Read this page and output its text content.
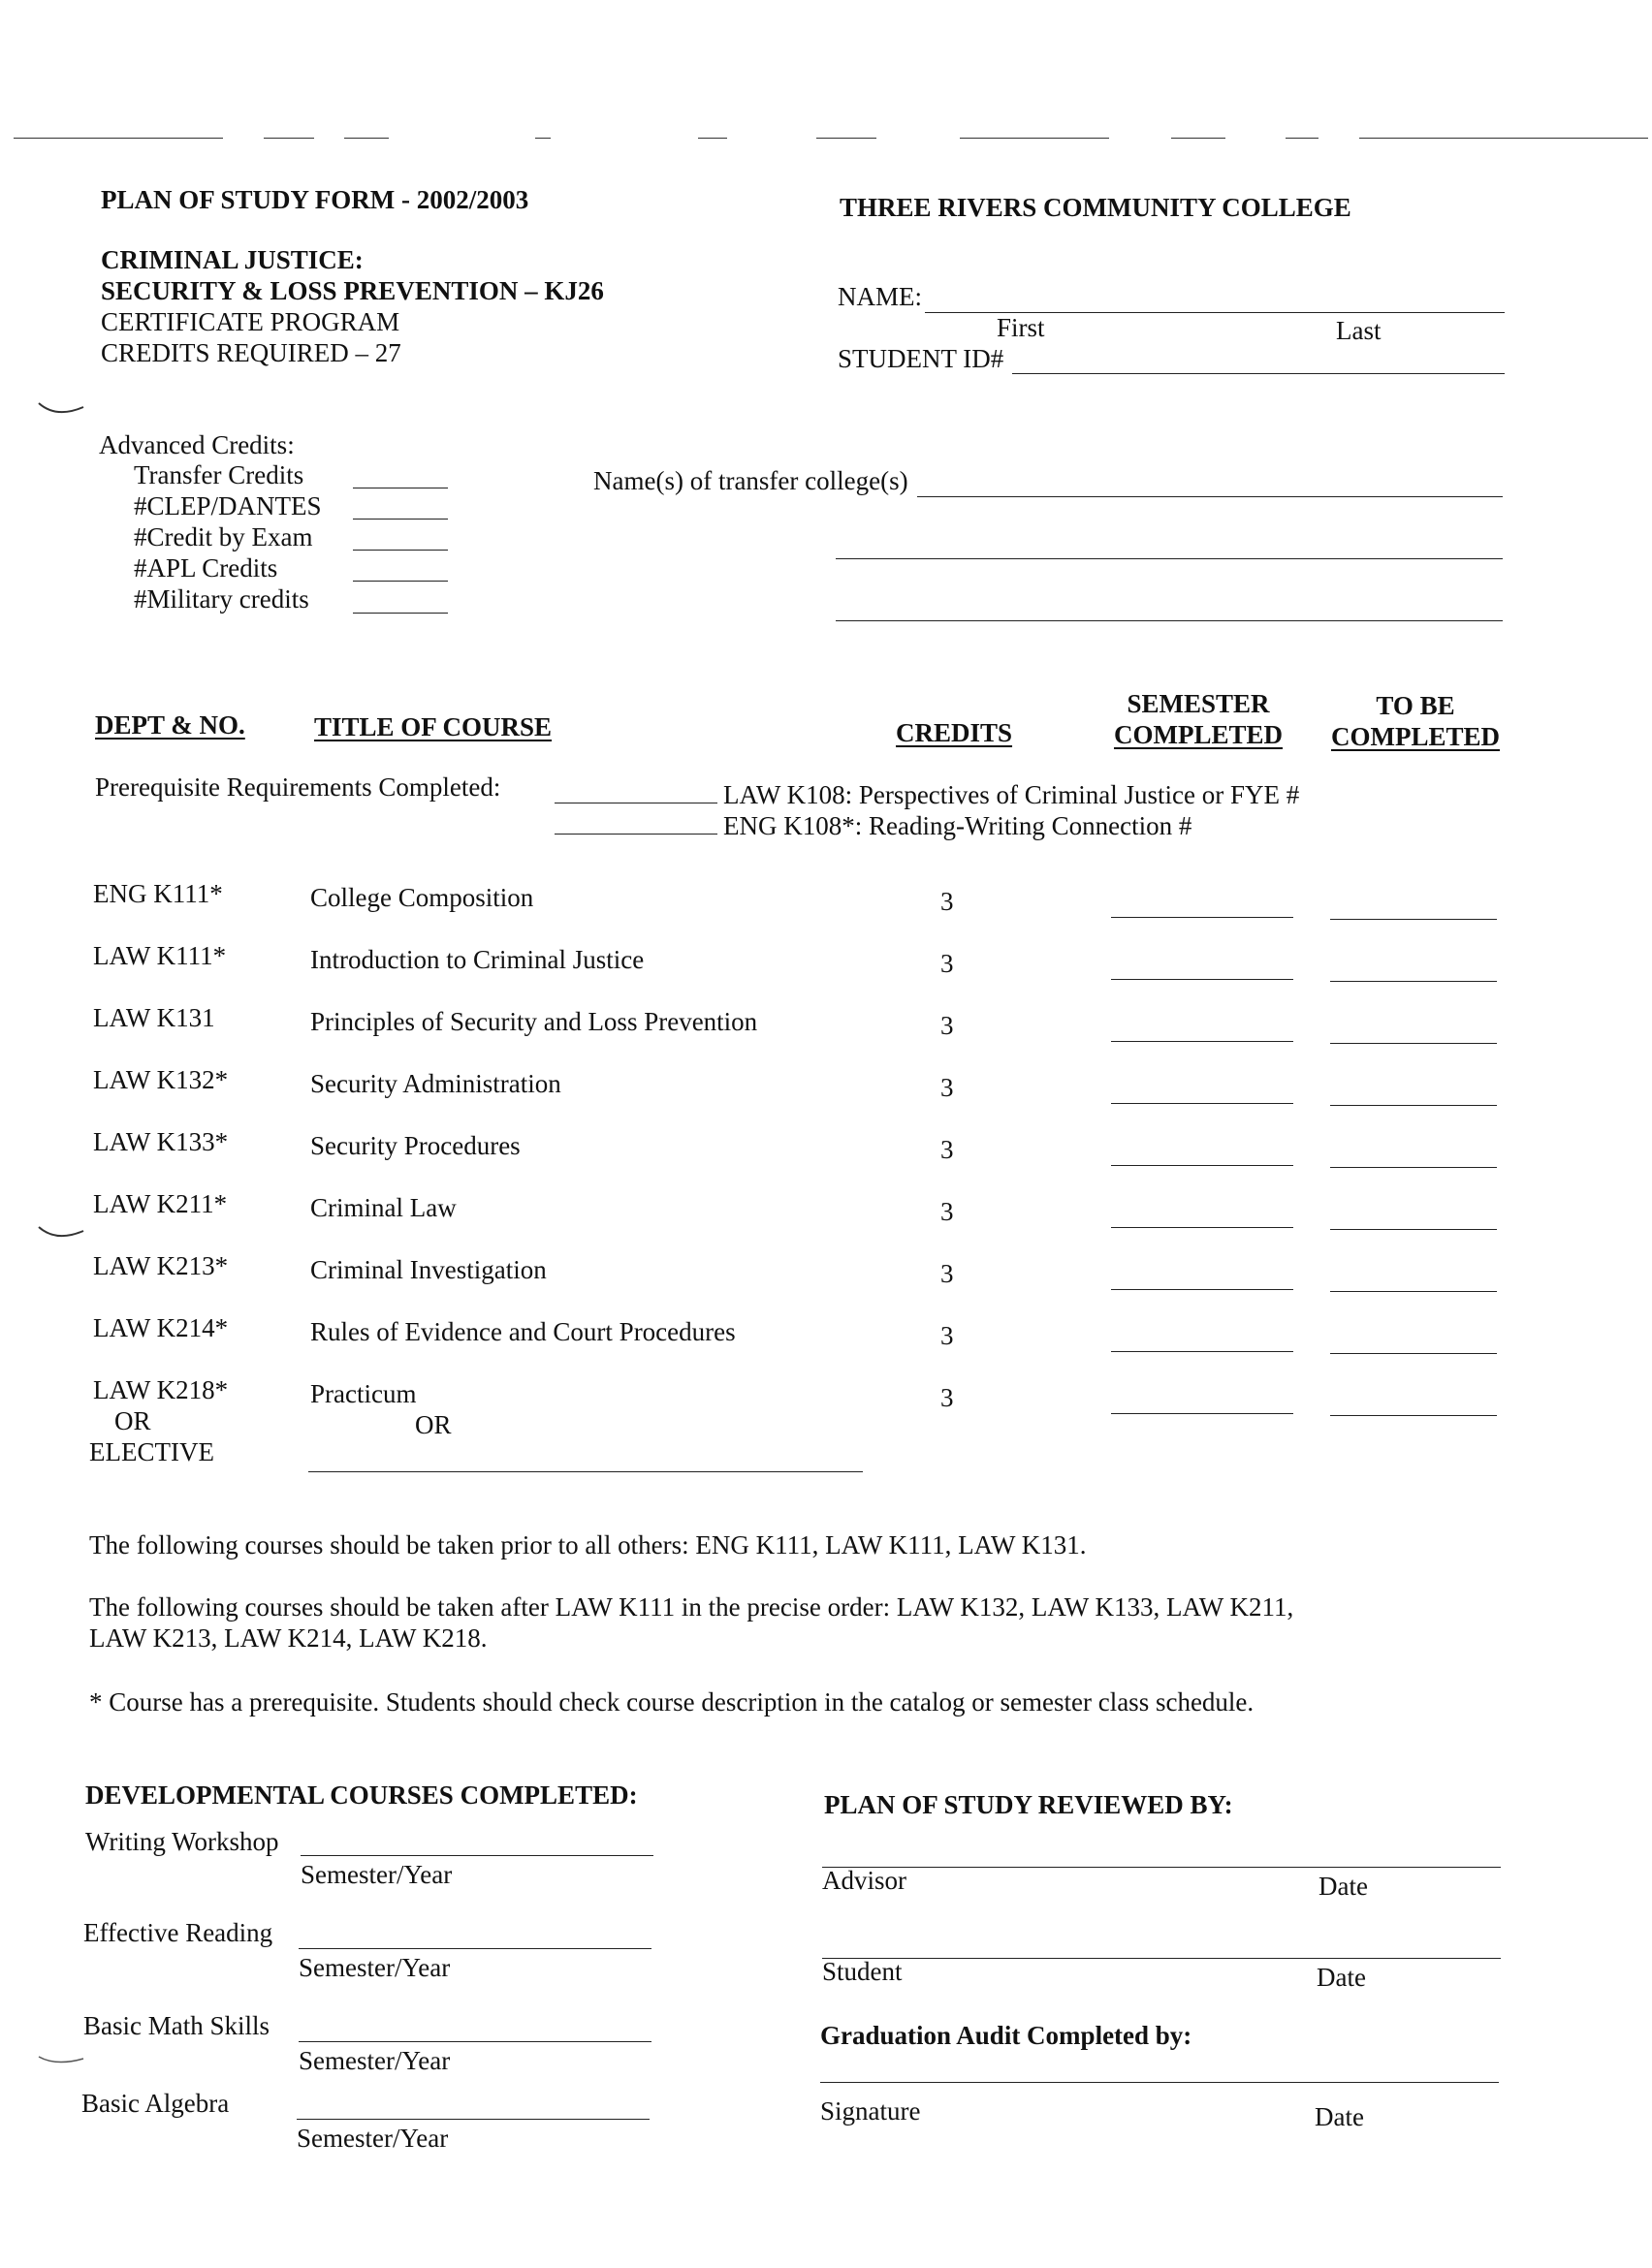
PLAN OF STUDY FORM - 2002/2003	THREE RIVERS COMMUNITY COLLEGE
CRIMINAL JUSTICE:
SECURITY & LOSS PREVENTION – KJ26
CERTIFICATE PROGRAM
CREDITS REQUIRED – 27
NAME:
First	Last
STUDENT ID#
Advanced Credits:
Transfer Credits
#CLEP/DANTES
#Credit by Exam
#APL Credits
#Military credits
Name(s) of transfer college(s)
DEPT & NO.	TITLE OF COURSE	CREDITS
SEMESTER
COMPLETED
TO BE
COMPLETED
Prerequisite Requirements Completed:	LAW K108: Perspectives of Criminal Justice or FYE #
ENG K108*: Reading-Writing Connection #
ENG K111*	College Composition	3
LAW K111*	Introduction to Criminal Justice	3
LAW K131	Principles of Security and Loss Prevention	3
LAW K132*	Security Administration	3
LAW K133*	Security Procedures	3
LAW K211*	Criminal Law	3
LAW K213*	Criminal Investigation	3
LAW K214*	Rules of Evidence and Court Procedures	3
LAW K218*	Practicum	3
OR
ELECTIVE
OR
The following courses should be taken prior to all others: ENG K111, LAW K111, LAW K131.
The following courses should be taken after LAW K111 in the precise order: LAW K132, LAW K133, LAW K211,
LAW K213, LAW K214, LAW K218.
* Course has a prerequisite. Students should check course description in the catalog or semester class schedule.
DEVELOPMENTAL COURSES COMPLETED:
Writing Workshop
Semester/Year
Effective Reading
Semester/Year
Basic Math Skills
Semester/Year
Basic Algebra
Semester/Year
PLAN OF STUDY REVIEWED BY:
Advisor	Date
Student	Date
Graduation Audit Completed by:
Signature	Date
